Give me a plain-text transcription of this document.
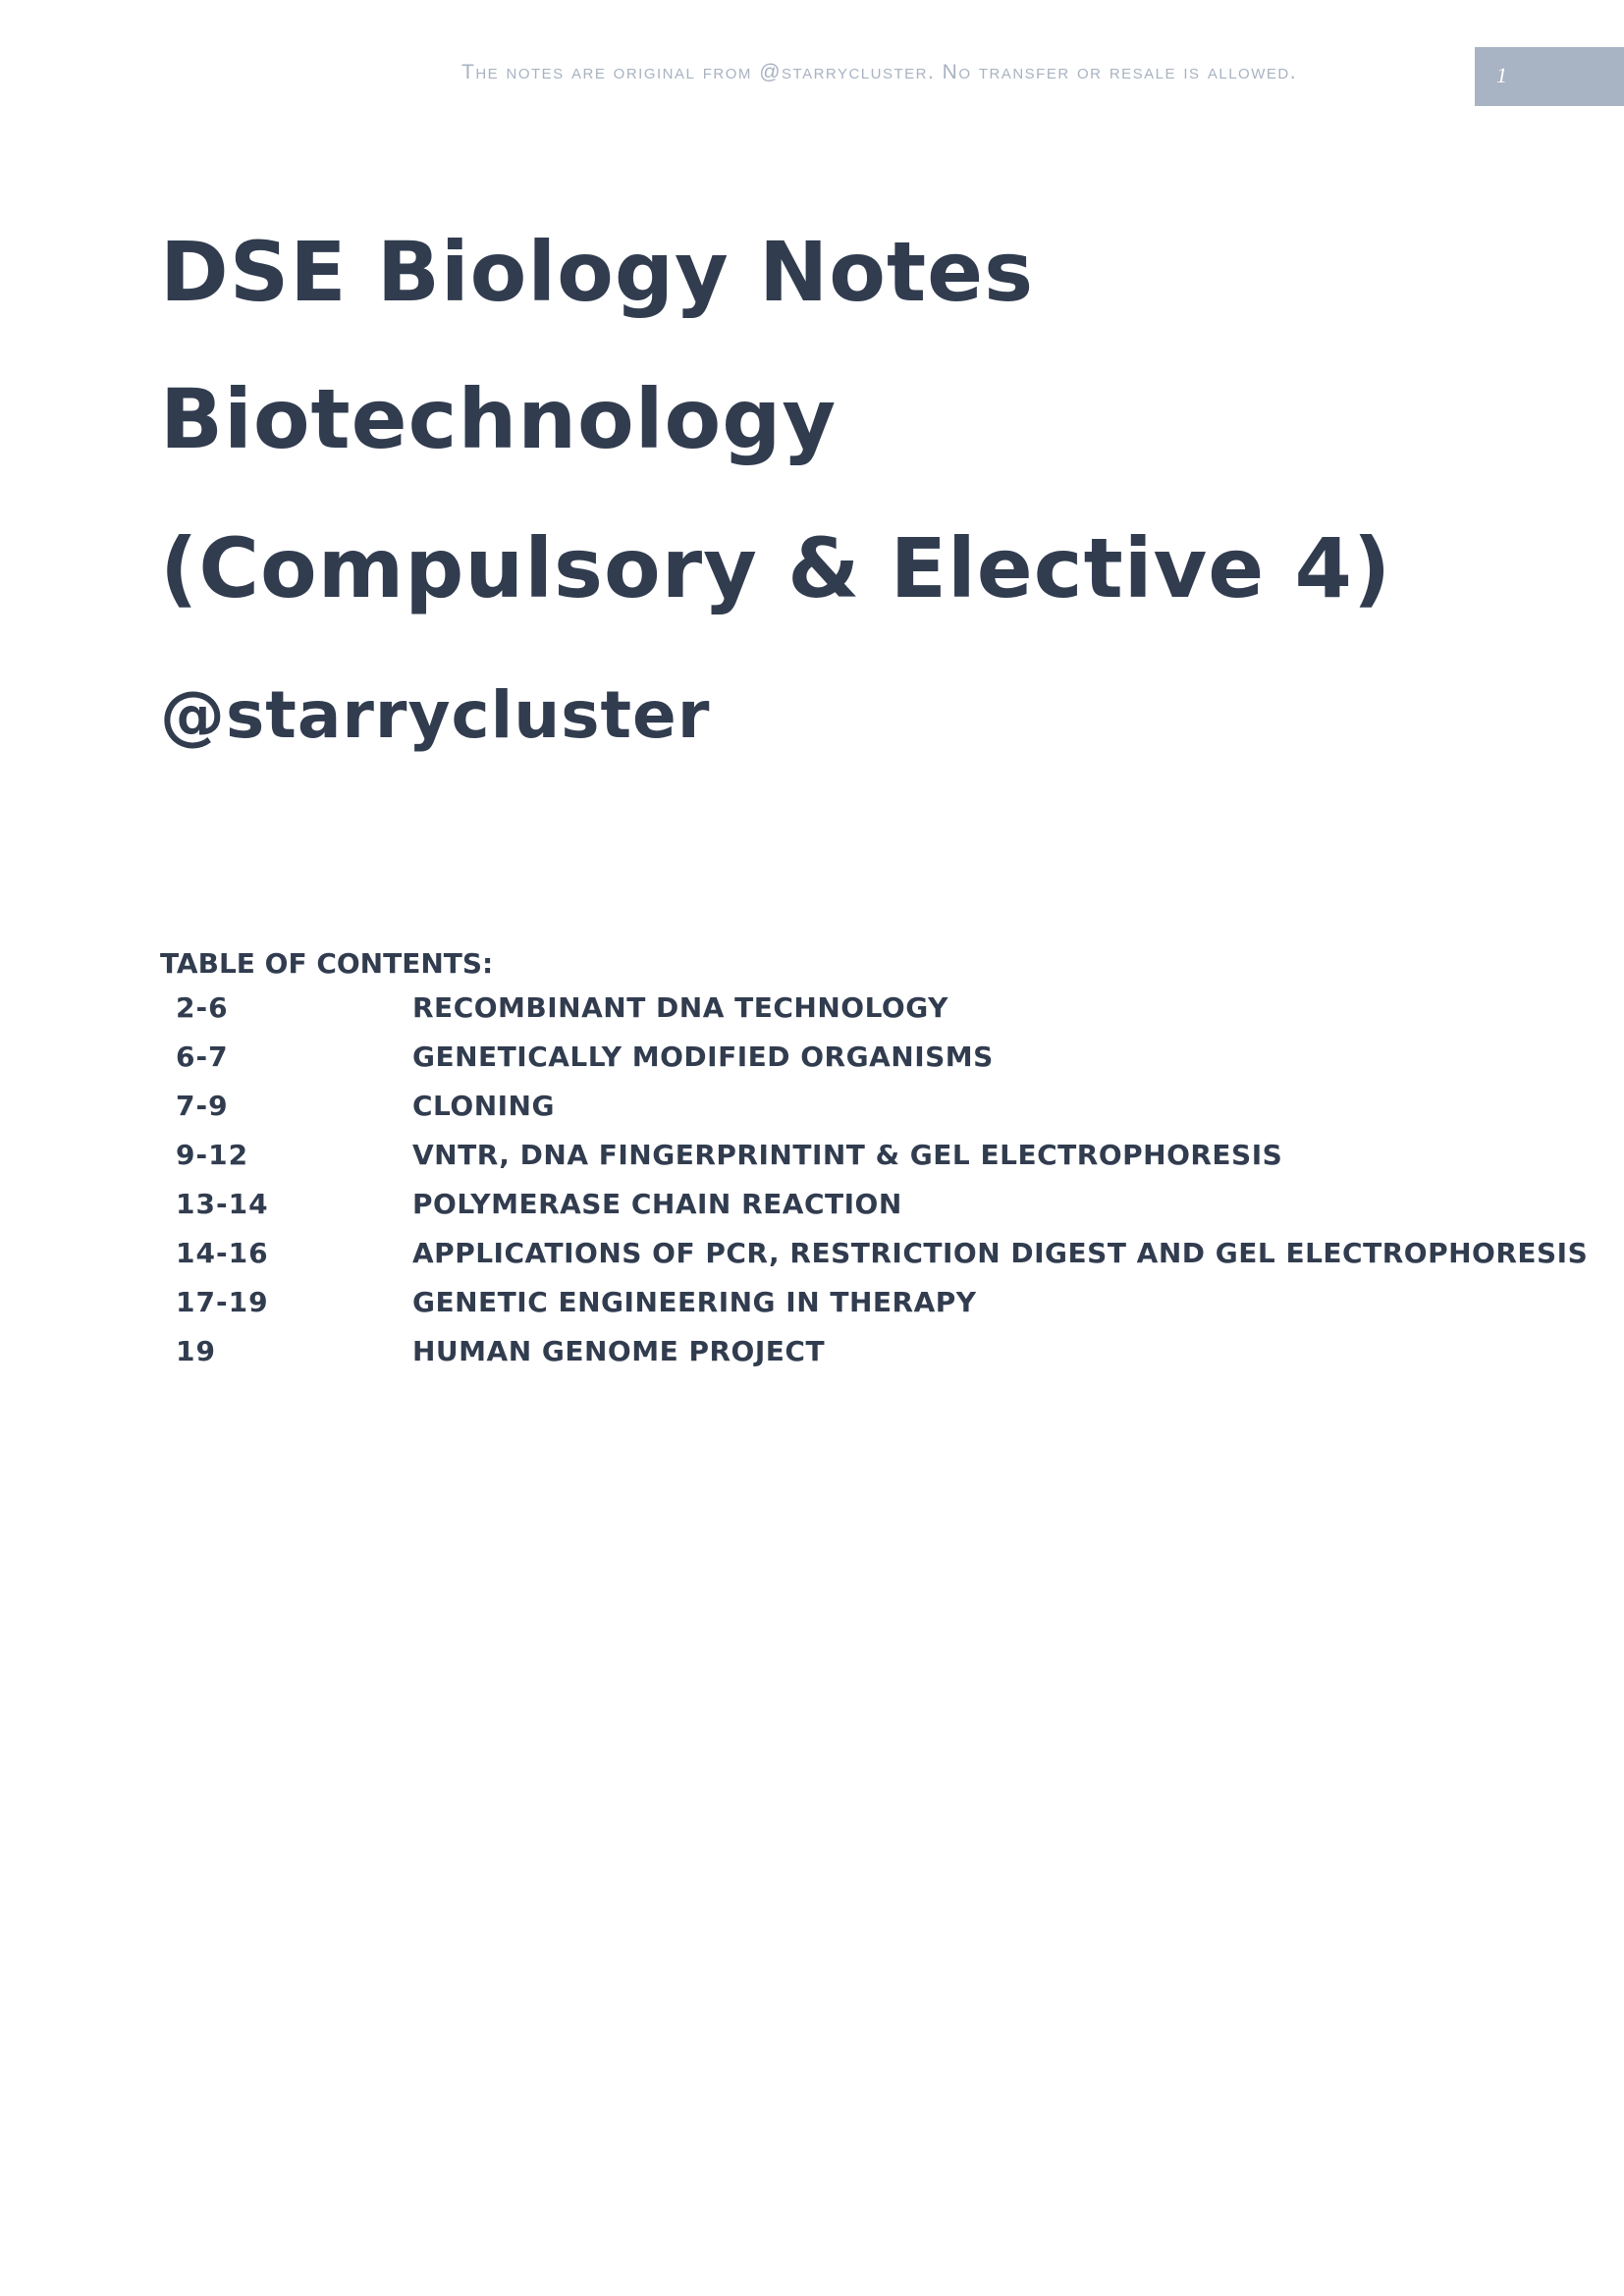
The notes are original from @starrycluster. No transfer or resale is allowed.	1
DSE Biology Notes
Biotechnology
(Compulsory & Elective 4)
@starrycluster
TABLE OF CONTENTS:
2-6	RECOMBINANT DNA TECHNOLOGY
6-7	GENETICALLY MODIFIED ORGANISMS
7-9	CLONING
9-12	VNTR, DNA FINGERPRINTINT & GEL ELECTROPHORESIS
13-14	POLYMERASE CHAIN REACTION
14-16	APPLICATIONS OF PCR, RESTRICTION DIGEST AND GEL ELECTROPHORESIS
17-19	GENETIC ENGINEERING IN THERAPY
19	HUMAN GENOME PROJECT
